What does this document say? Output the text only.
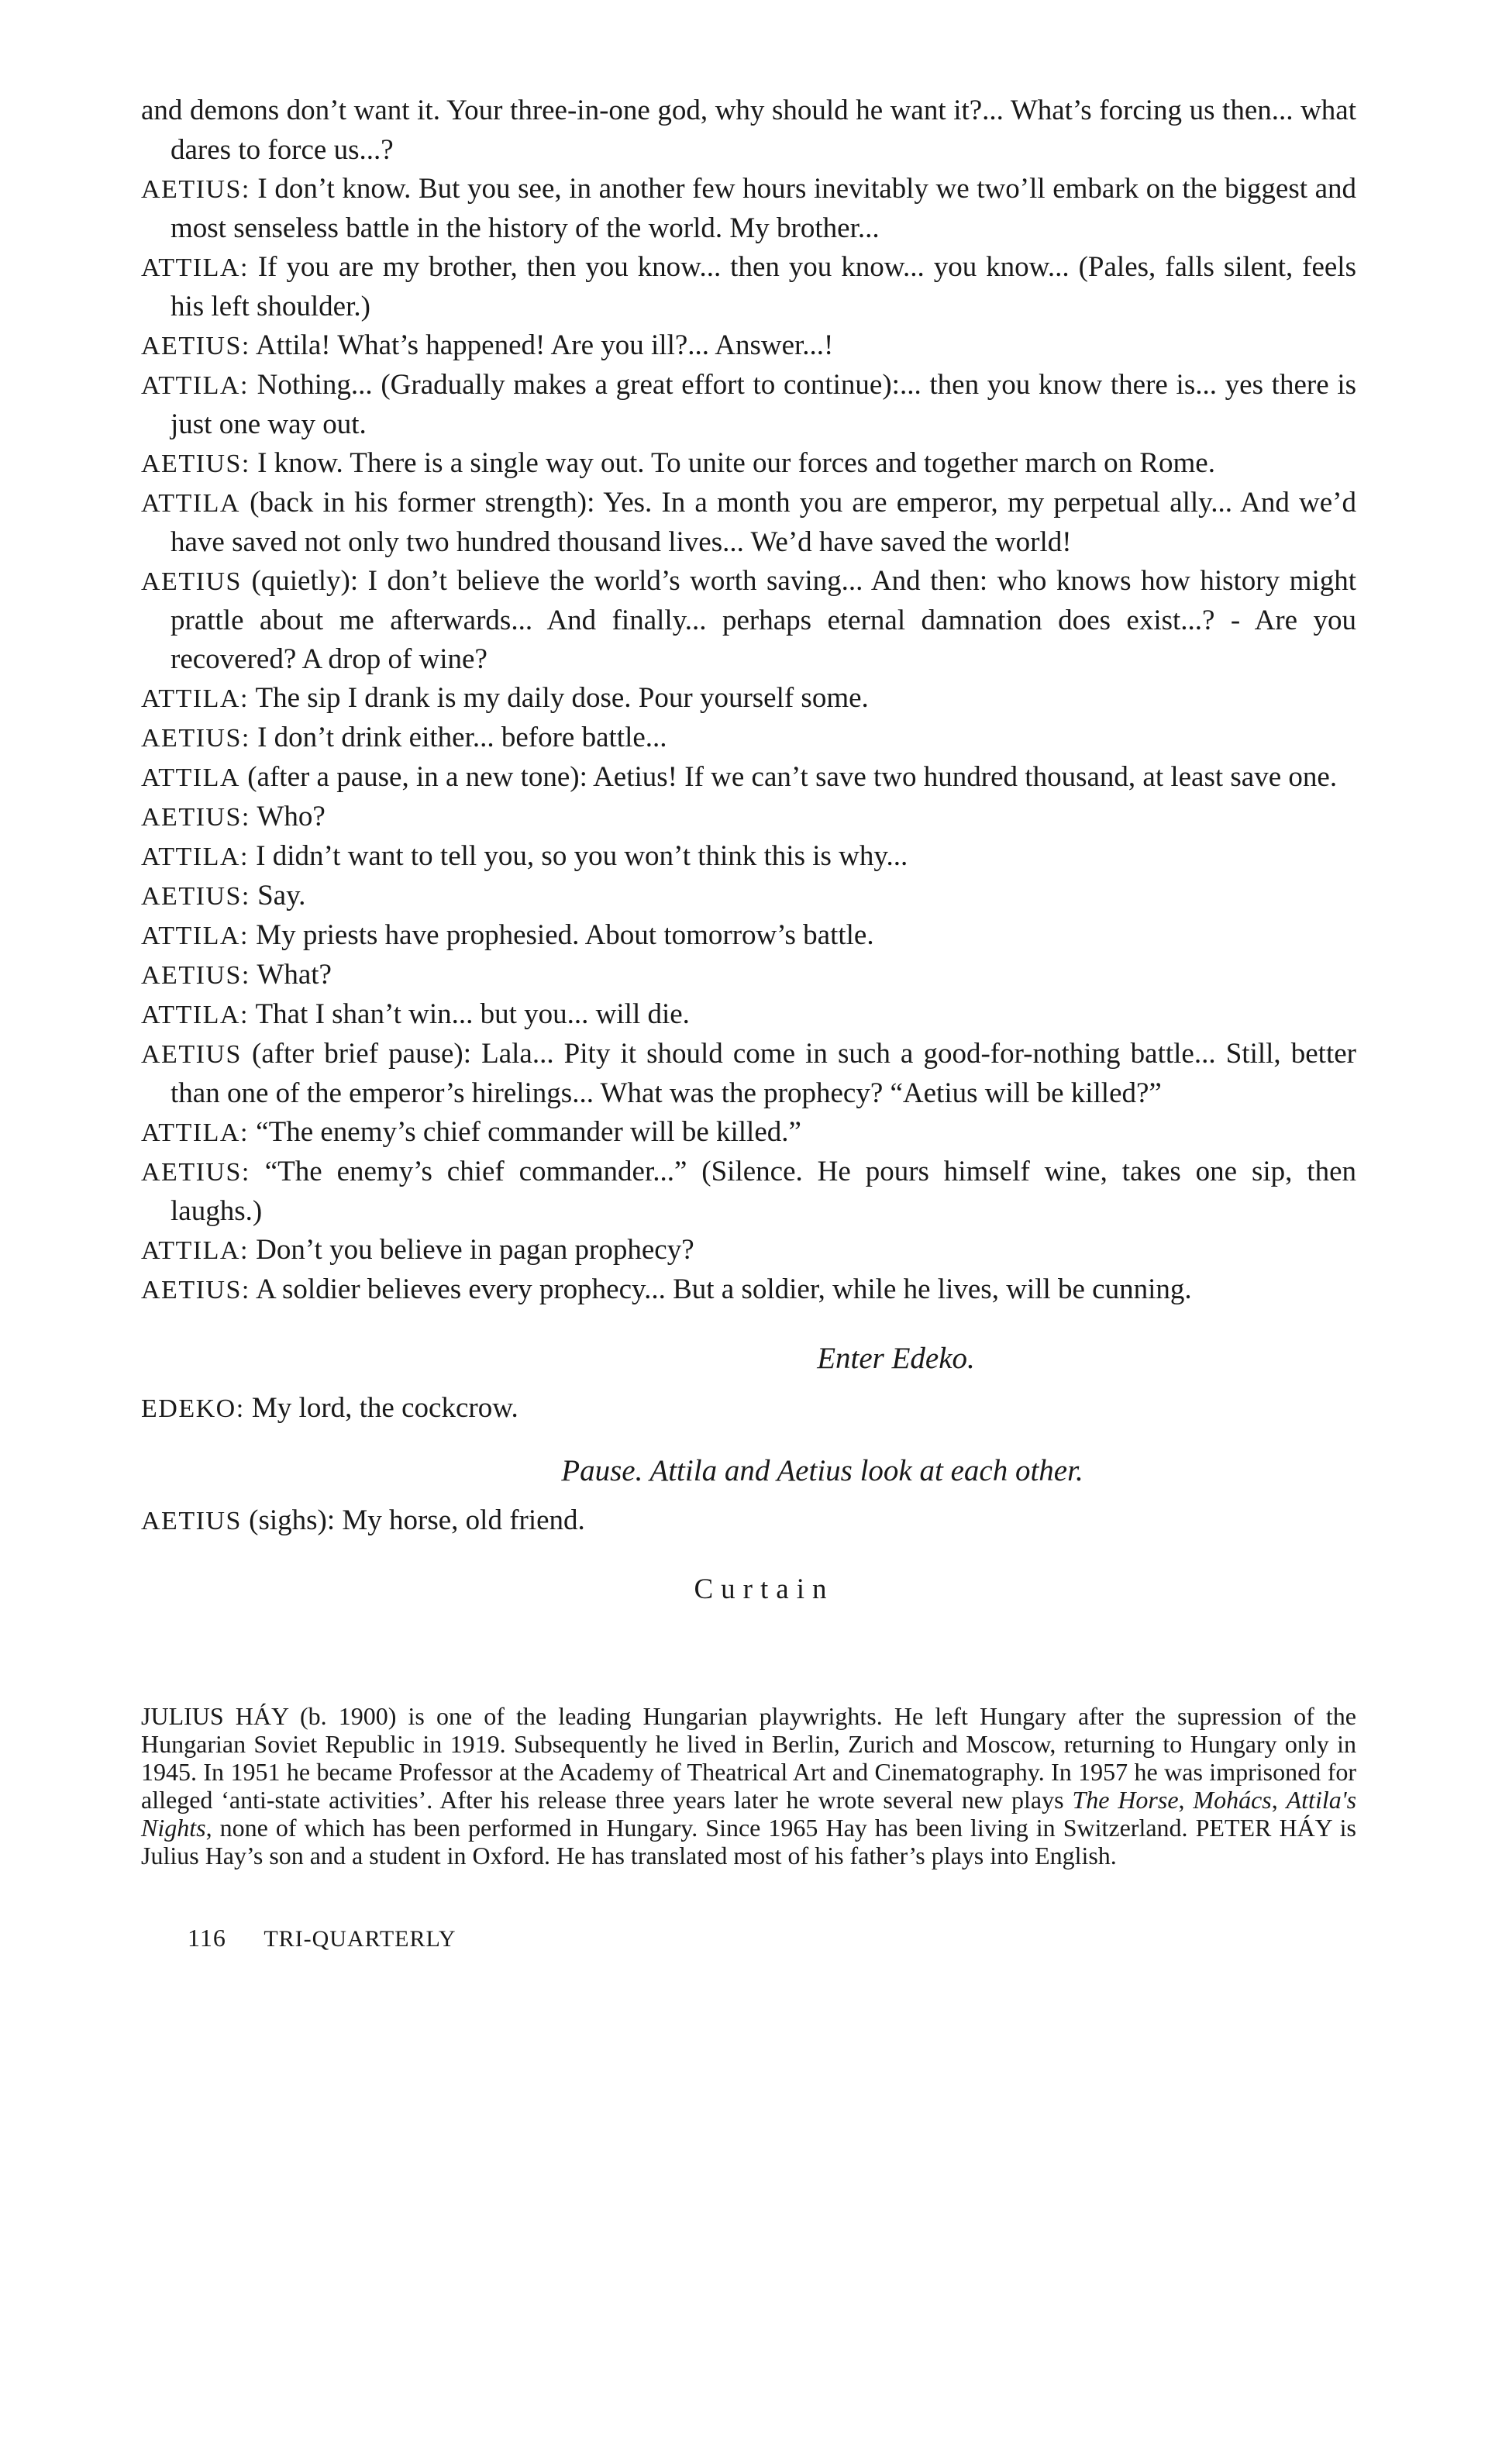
and demons don’t want it. Your three-in-one god, why should he want it?... What’s forcing us then... what dares to force us...?

AETIUS: I don’t know. But you see, in another few hours inevitably we two’ll embark on the biggest and most senseless battle in the history of the world. My brother...

ATTILA: If you are my brother, then you know... then you know... you know... (Pales, falls silent, feels his left shoulder.)

AETIUS: Attila! What’s happened! Are you ill?... Answer...!

ATTILA: Nothing... (Gradually makes a great effort to continue):... then you know there is... yes there is just one way out.

AETIUS: I know. There is a single way out. To unite our forces and together march on Rome.

ATTILA (back in his former strength): Yes. In a month you are emperor, my perpetual ally... And we’d have saved not only two hundred thousand lives... We’d have saved the world!

AETIUS (quietly): I don’t believe the world’s worth saving... And then: who knows how history might prattle about me afterwards... And finally... perhaps eternal damnation does exist...? - Are you recovered? A drop of wine?

ATTILA: The sip I drank is my daily dose. Pour yourself some.

AETIUS: I don’t drink either... before battle...

ATTILA (after a pause, in a new tone): Aetius! If we can’t save two hundred thousand, at least save one.

AETIUS: Who?

ATTILA: I didn’t want to tell you, so you won’t think this is why...

AETIUS: Say.

ATTILA: My priests have prophesied. About tomorrow’s battle.

AETIUS: What?

ATTILA: That I shan’t win... but you... will die.

AETIUS (after brief pause): Lala... Pity it should come in such a good-for-nothing battle... Still, better than one of the emperor’s hirelings... What was the prophecy? “Aetius will be killed?”

ATTILA: “The enemy’s chief commander will be killed.”

AETIUS: “The enemy’s chief commander...” (Silence. He pours himself wine, takes one sip, then laughs.)

ATTILA: Don’t you believe in pagan prophecy?

AETIUS: A soldier believes every prophecy... But a soldier, while he lives, will be cunning.

Enter Edeko.

EDEKO: My lord, the cockcrow.

Pause. Attila and Aetius look at each other.

AETIUS (sighs): My horse, old friend.

Curtain

JULIUS HÁY (b. 1900) is one of the leading Hungarian playwrights. He left Hungary after the supression of the Hungarian Soviet Republic in 1919. Subsequently he lived in Berlin, Zurich and Moscow, returning to Hungary only in 1945. In 1951 he became Professor at the Academy of Theatrical Art and Cinematography. In 1957 he was imprisoned for alleged ‘anti-state activities’. After his release three years later he wrote several new plays The Horse, Mohács, Attila's Nights, none of which has been performed in Hungary. Since 1965 Hay has been living in Switzerland. PETER HÁY is Julius Hay’s son and a student in Oxford. He has translated most of his father’s plays into English.

116 TRI-QUARTERLY
